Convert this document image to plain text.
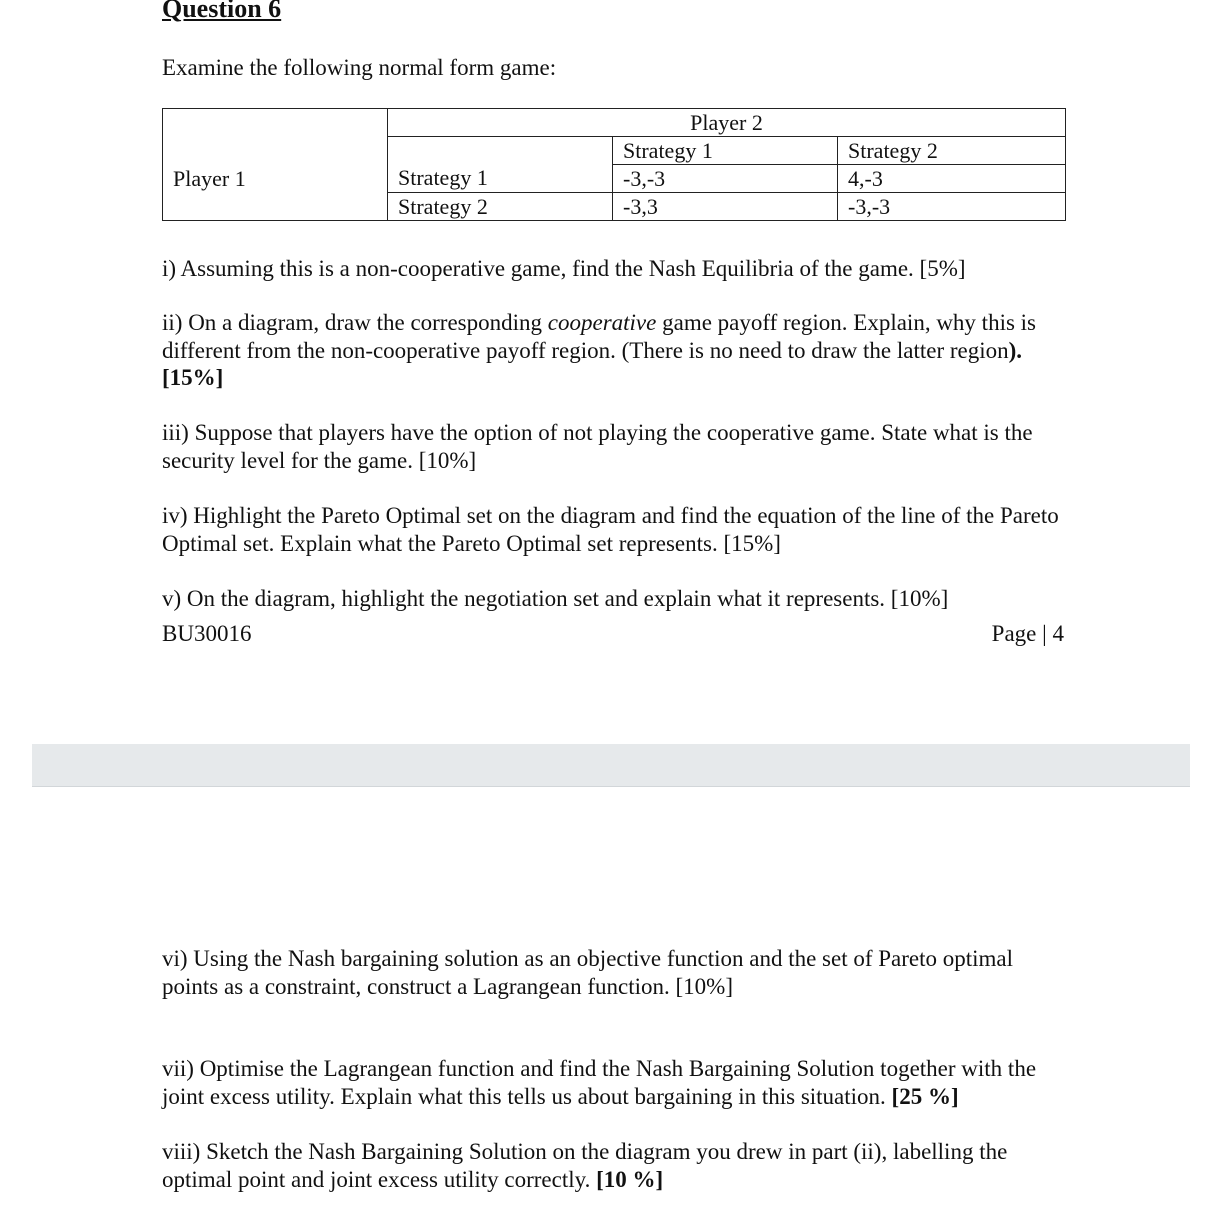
Question 6
Examine the following normal form game:
	Player 2		
		Strategy 1	Strategy 2
Player 1	Strategy 1	-3,-3	4,-3
	Strategy 2	-3,3	-3,-3
i) Assuming this is a non-cooperative game, find the Nash Equilibria of the game. [5%]
ii) On a diagram, draw the corresponding cooperative game payoff region. Explain, why this is different from the non-cooperative payoff region. (There is no need to draw the latter region). [15%]
iii) Suppose that players have the option of not playing the cooperative game. State what is the security level for the game. [10%]
iv) Highlight the Pareto Optimal set on the diagram and find the equation of the line of the Pareto Optimal set. Explain what the Pareto Optimal set represents. [15%]
v) On the diagram, highlight the negotiation set and explain what it represents. [10%]
BU30016	Page | 4
vi) Using the Nash bargaining solution as an objective function and the set of Pareto optimal points as a constraint, construct a Lagrangean function. [10%]
vii) Optimise the Lagrangean function and find the Nash Bargaining Solution together with the joint excess utility. Explain what this tells us about bargaining in this situation. [25 %]
viii) Sketch the Nash Bargaining Solution on the diagram you drew in part (ii), labelling the optimal point and joint excess utility correctly. [10 %]
